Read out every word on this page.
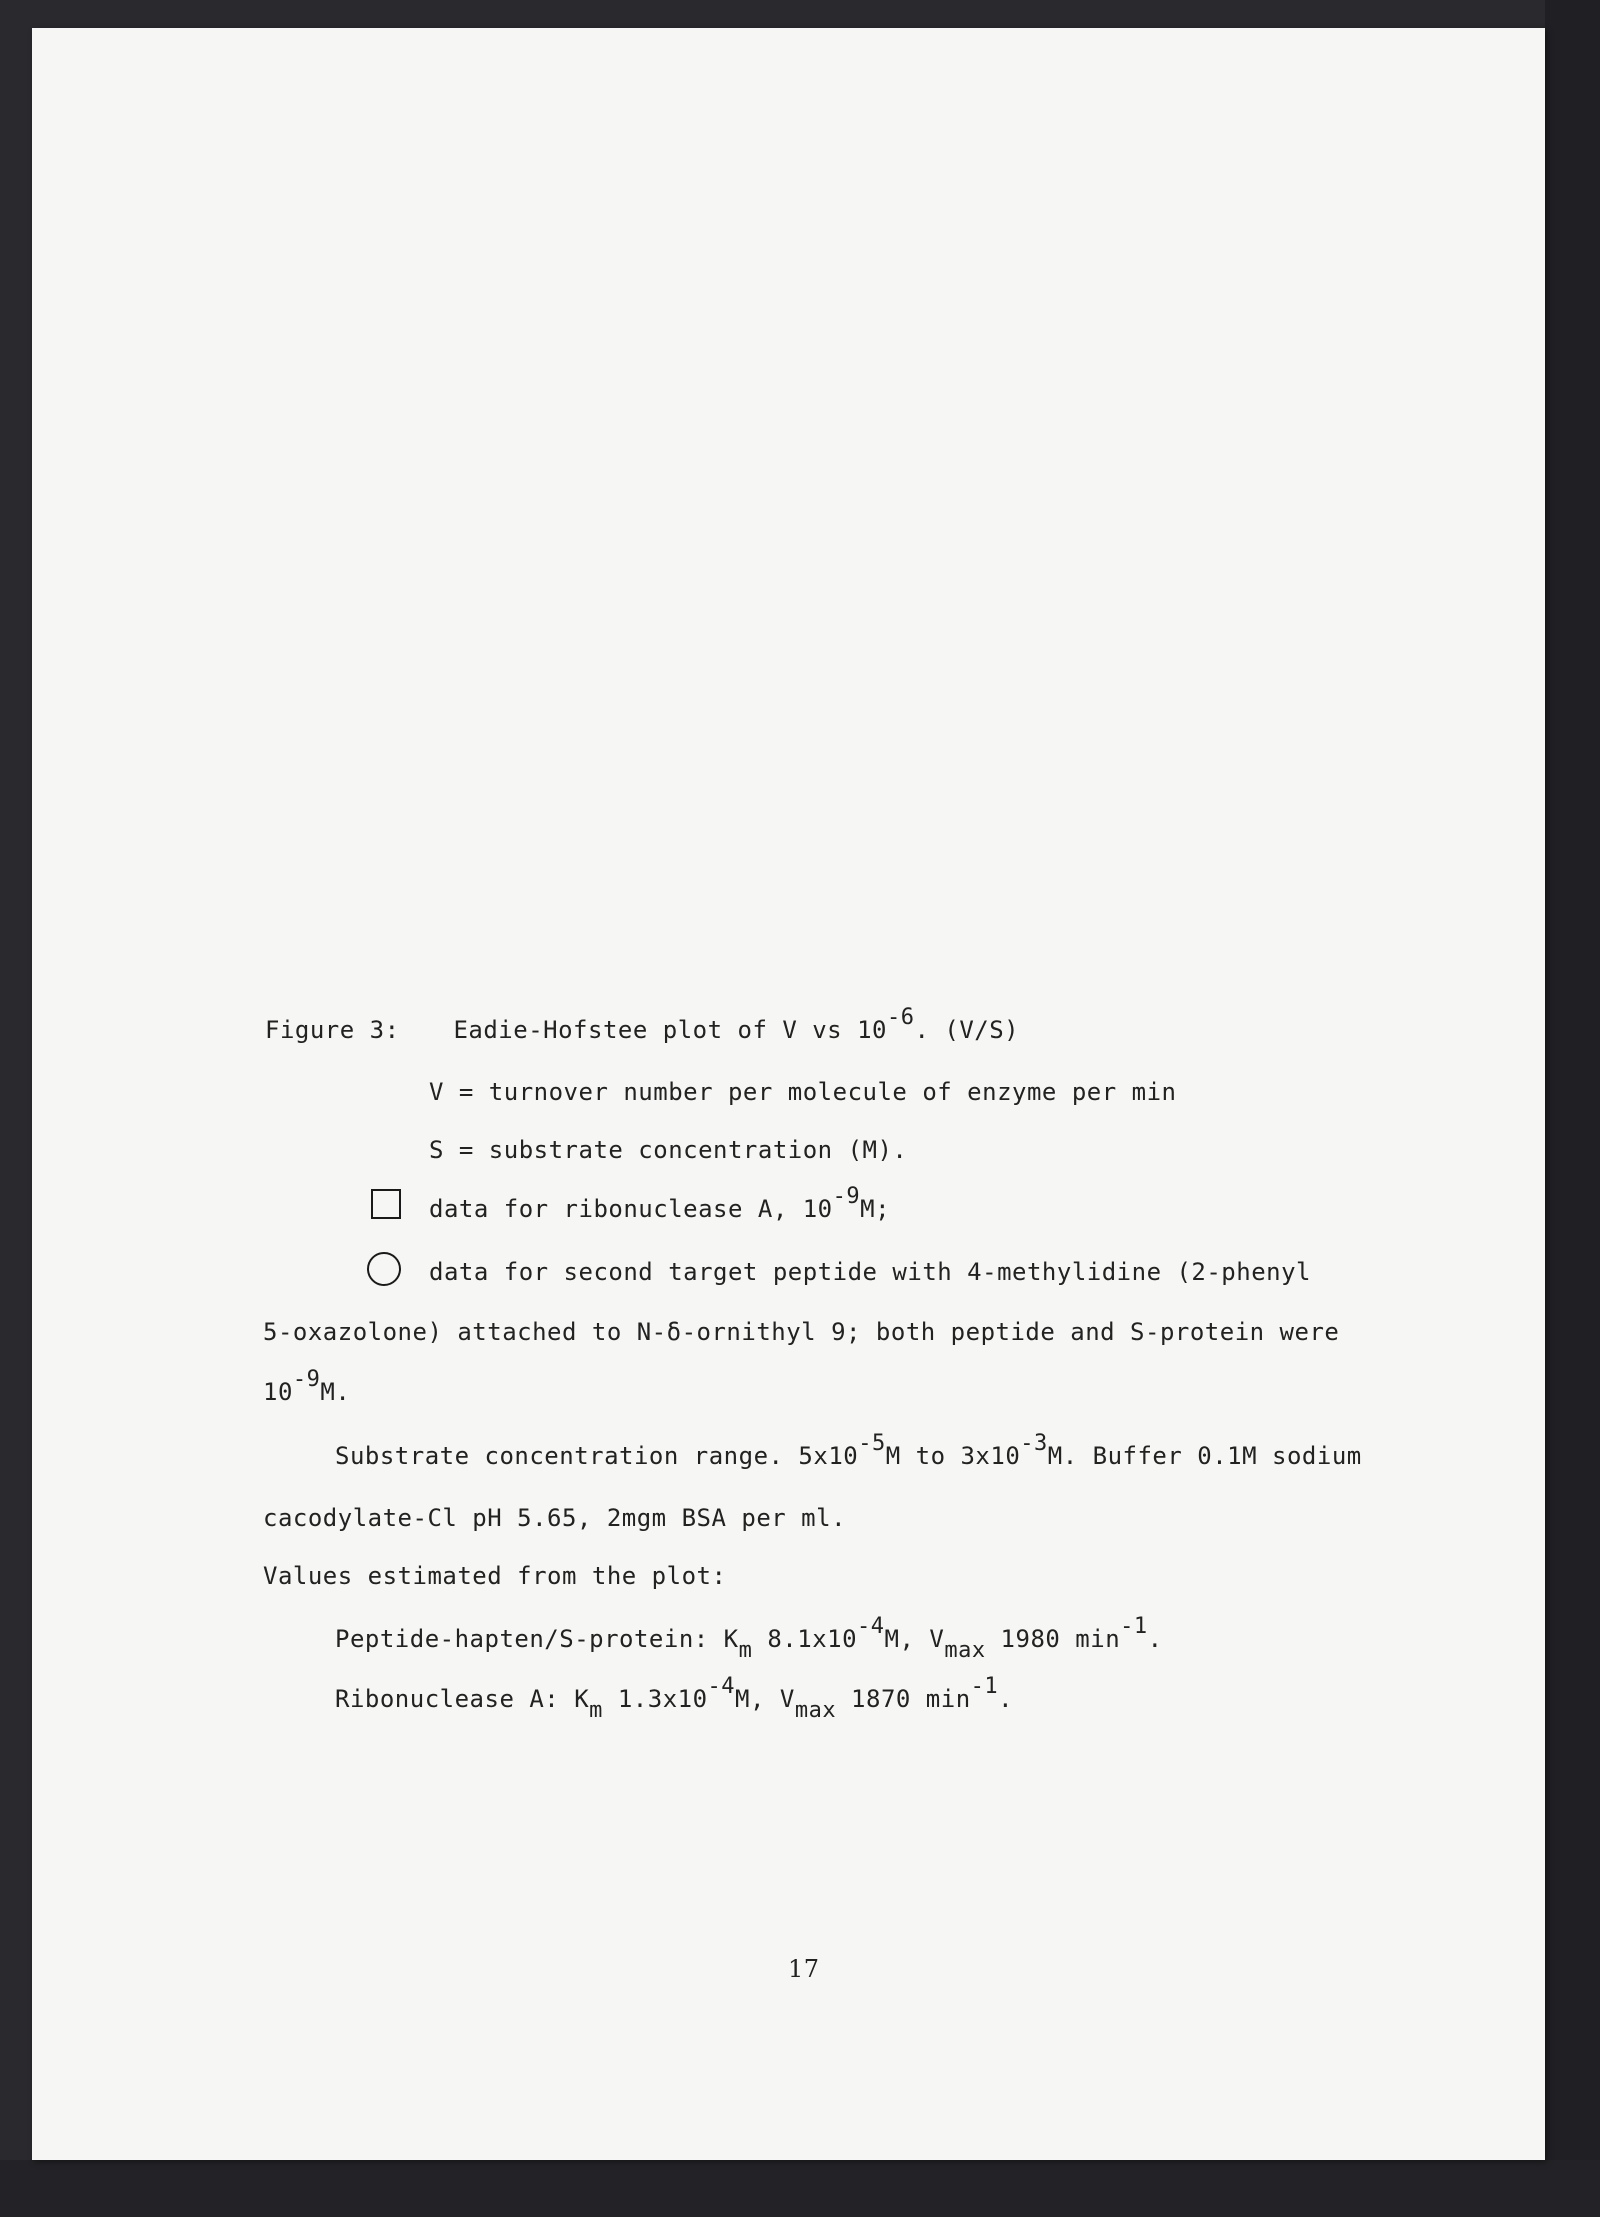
Figure 3: Eadie-Hofstee plot of V vs 10-6. (V/S)
V = turnover number per molecule of enzyme per min
S = substrate concentration (M).
data for ribonuclease A, 10-9M;
data for second target peptide with 4-methylidine (2-phenyl
5-oxazolone) attached to N-δ-ornithyl 9; both peptide and S-protein were
10-9M.
Substrate concentration range. 5x10-5M to 3x10-3M. Buffer 0.1M sodium
cacodylate-Cl pH 5.65, 2mgm BSA per ml.
Values estimated from the plot:
Peptide-hapten/S-protein: Km 8.1x10-4M, Vmax 1980 min-1.
Ribonuclease A: Km 1.3x10-4M, Vmax 1870 min-1.
17
